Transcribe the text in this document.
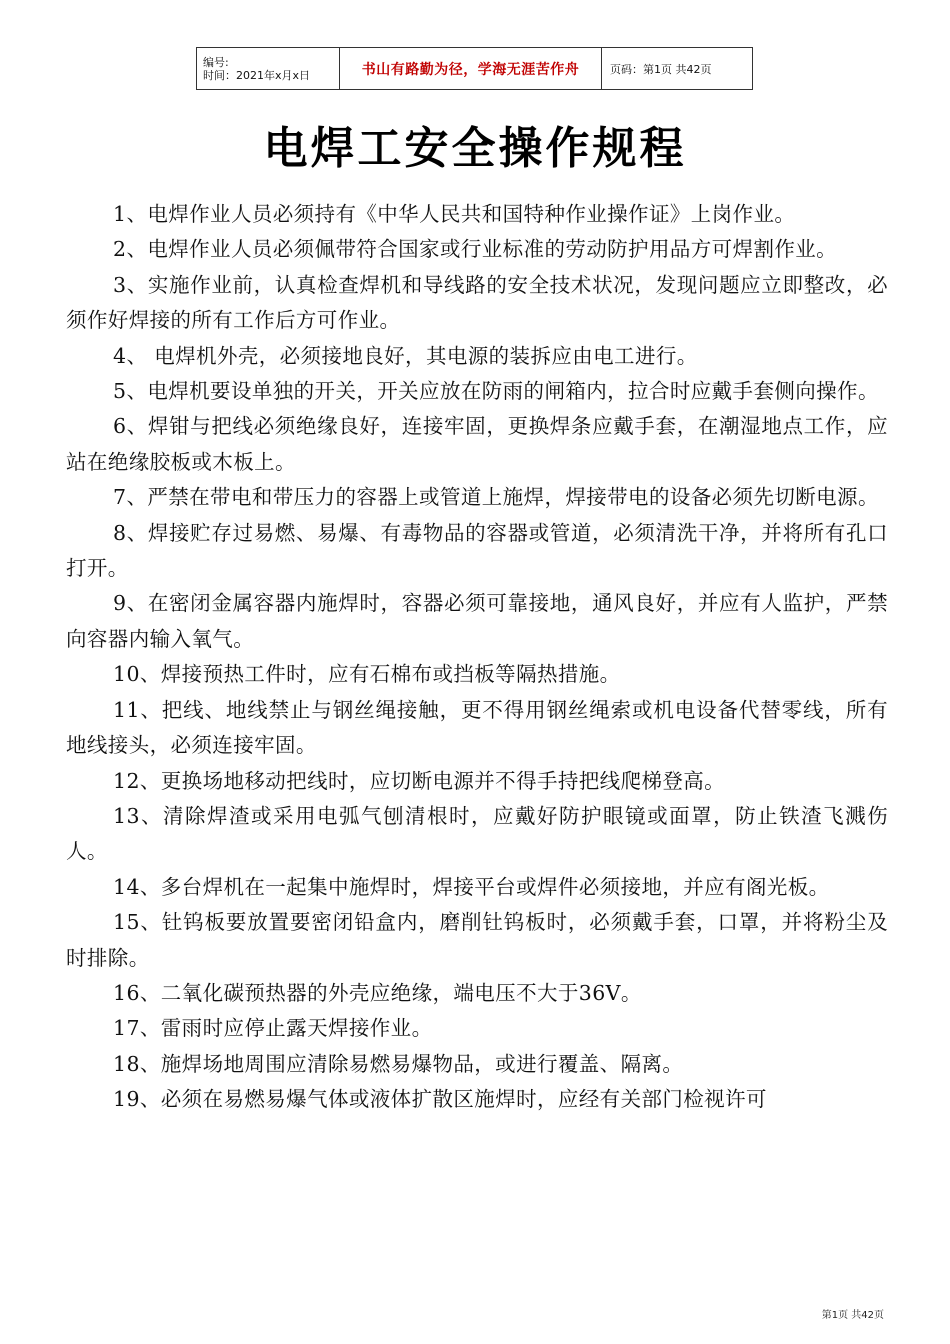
编号:
时间：2021年x月x日	书山有路勤为径，学海无涯苦作舟	页码：第1页 共42页
电焊工安全操作规程

1、电焊作业人员必须持有《中华人民共和国特种作业操作证》上岗作业。

2、电焊作业人员必须佩带符合国家或行业标准的劳动防护用品方可焊割作业。

3、实施作业前，认真检查焊机和导线路的安全技术状况，发现问题应立即整改，必须作好焊接的所有工作后方可作业。

4、 电焊机外壳，必须接地良好，其电源的装拆应由电工进行。

5、电焊机要设单独的开关，开关应放在防雨的闸箱内，拉合时应戴手套侧向操作。

6、焊钳与把线必须绝缘良好，连接牢固，更换焊条应戴手套，在潮湿地点工作，应站在绝缘胶板或木板上。

7、严禁在带电和带压力的容器上或管道上施焊，焊接带电的设备必须先切断电源。

8、焊接贮存过易燃、易爆、有毒物品的容器或管道，必须清洗干净，并将所有孔口打开。

9、在密闭金属容器内施焊时，容器必须可靠接地，通风良好，并应有人监护，严禁向容器内输入氧气。

10、焊接预热工件时，应有石棉布或挡板等隔热措施。

11、把线、地线禁止与钢丝绳接触，更不得用钢丝绳索或机电设备代替零线，所有地线接头，必须连接牢固。

12、更换场地移动把线时，应切断电源并不得手持把线爬梯登高。

13、清除焊渣或采用电弧气刨清根时，应戴好防护眼镜或面罩，防止铁渣飞溅伤人。

14、多台焊机在一起集中施焊时，焊接平台或焊件必须接地，并应有阁光板。

15、钍钨板要放置要密闭铅盒内，磨削钍钨板时，必须戴手套，口罩，并将粉尘及时排除。

16、二氧化碳预热器的外壳应绝缘，端电压不大于36V。

17、雷雨时应停止露天焊接作业。

18、施焊场地周围应清除易燃易爆物品，或进行覆盖、隔离。

19、必须在易燃易爆气体或液体扩散区施焊时，应经有关部门检视许可

第1页 共42页
